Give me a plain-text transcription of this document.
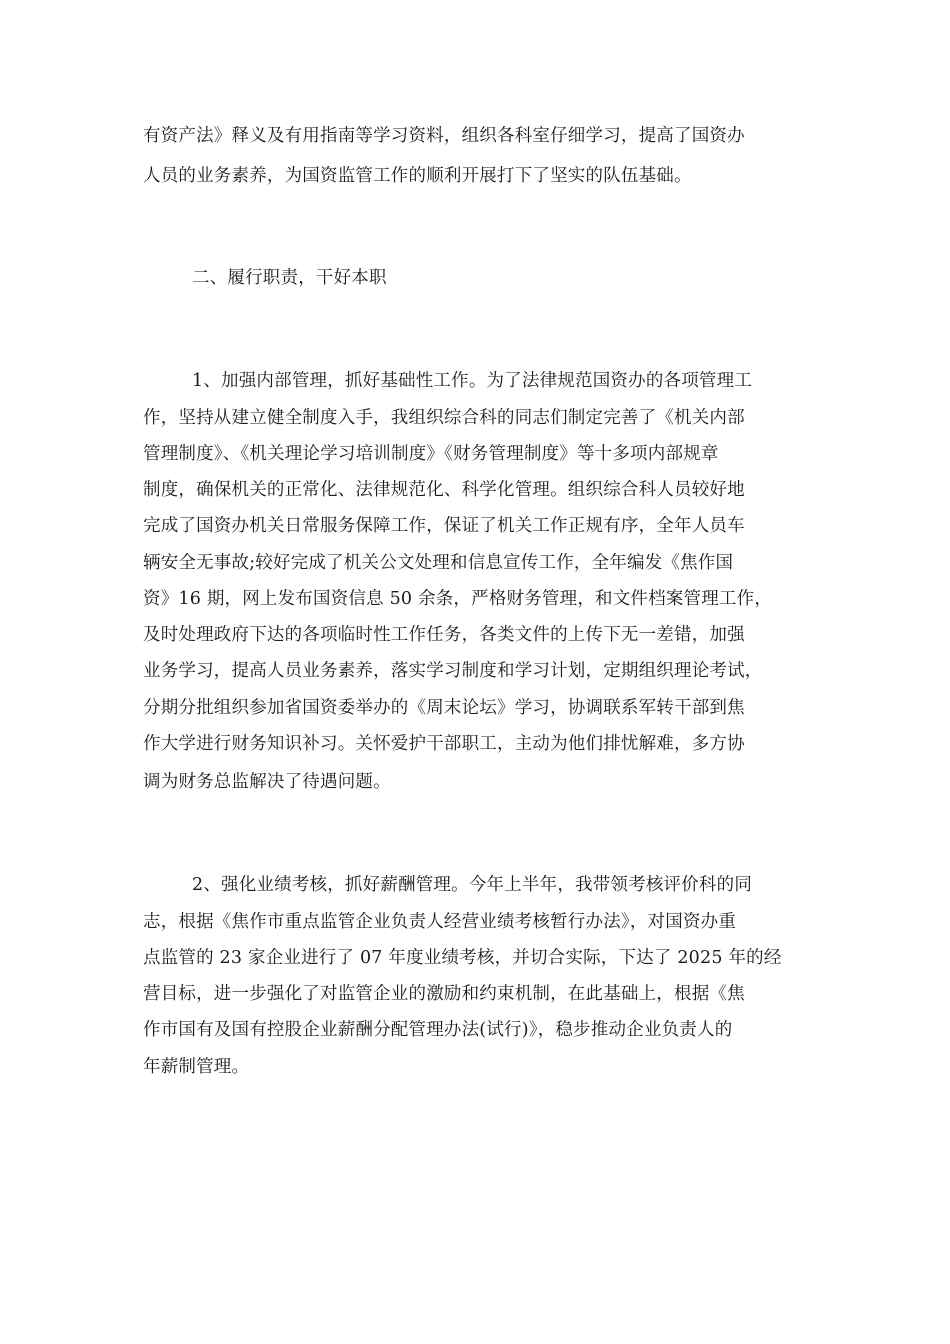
有资产法》释义及有用指南等学习资料，组织各科室仔细学习，提高了国资办
人员的业务素养，为国资监管工作的顺利开展打下了坚实的队伍基础。
二、履行职责，干好本职
1、加强内部管理，抓好基础性工作。为了法律规范国资办的各项管理工
作，坚持从建立健全制度入手，我组织综合科的同志们制定完善了《机关内部
管理制度》、《机关理论学习培训制度》《财务管理制度》等十多项内部规章
制度，确保机关的正常化、法律规范化、科学化管理。组织综合科人员较好地
完成了国资办机关日常服务保障工作，保证了机关工作正规有序，全年人员车
辆安全无事故;较好完成了机关公文处理和信息宣传工作，全年编发《焦作国
资》16 期，网上发布国资信息 50 余条，严格财务管理，和文件档案管理工作，
及时处理政府下达的各项临时性工作任务，各类文件的上传下无一差错，加强
业务学习，提高人员业务素养，落实学习制度和学习计划，定期组织理论考试，
分期分批组织参加省国资委举办的《周末论坛》学习，协调联系军转干部到焦
作大学进行财务知识补习。关怀爱护干部职工，主动为他们排忧解难，多方协
调为财务总监解决了待遇问题。
2、强化业绩考核，抓好薪酬管理。今年上半年，我带领考核评价科的同
志，根据《焦作市重点监管企业负责人经营业绩考核暂行办法》，对国资办重
点监管的 23 家企业进行了 07 年度业绩考核，并切合实际，下达了 2025 年的经
营目标，进一步强化了对监管企业的激励和约束机制，在此基础上，根据《焦
作市国有及国有控股企业薪酬分配管理办法(试行)》，稳步推动企业负责人的
年薪制管理。
